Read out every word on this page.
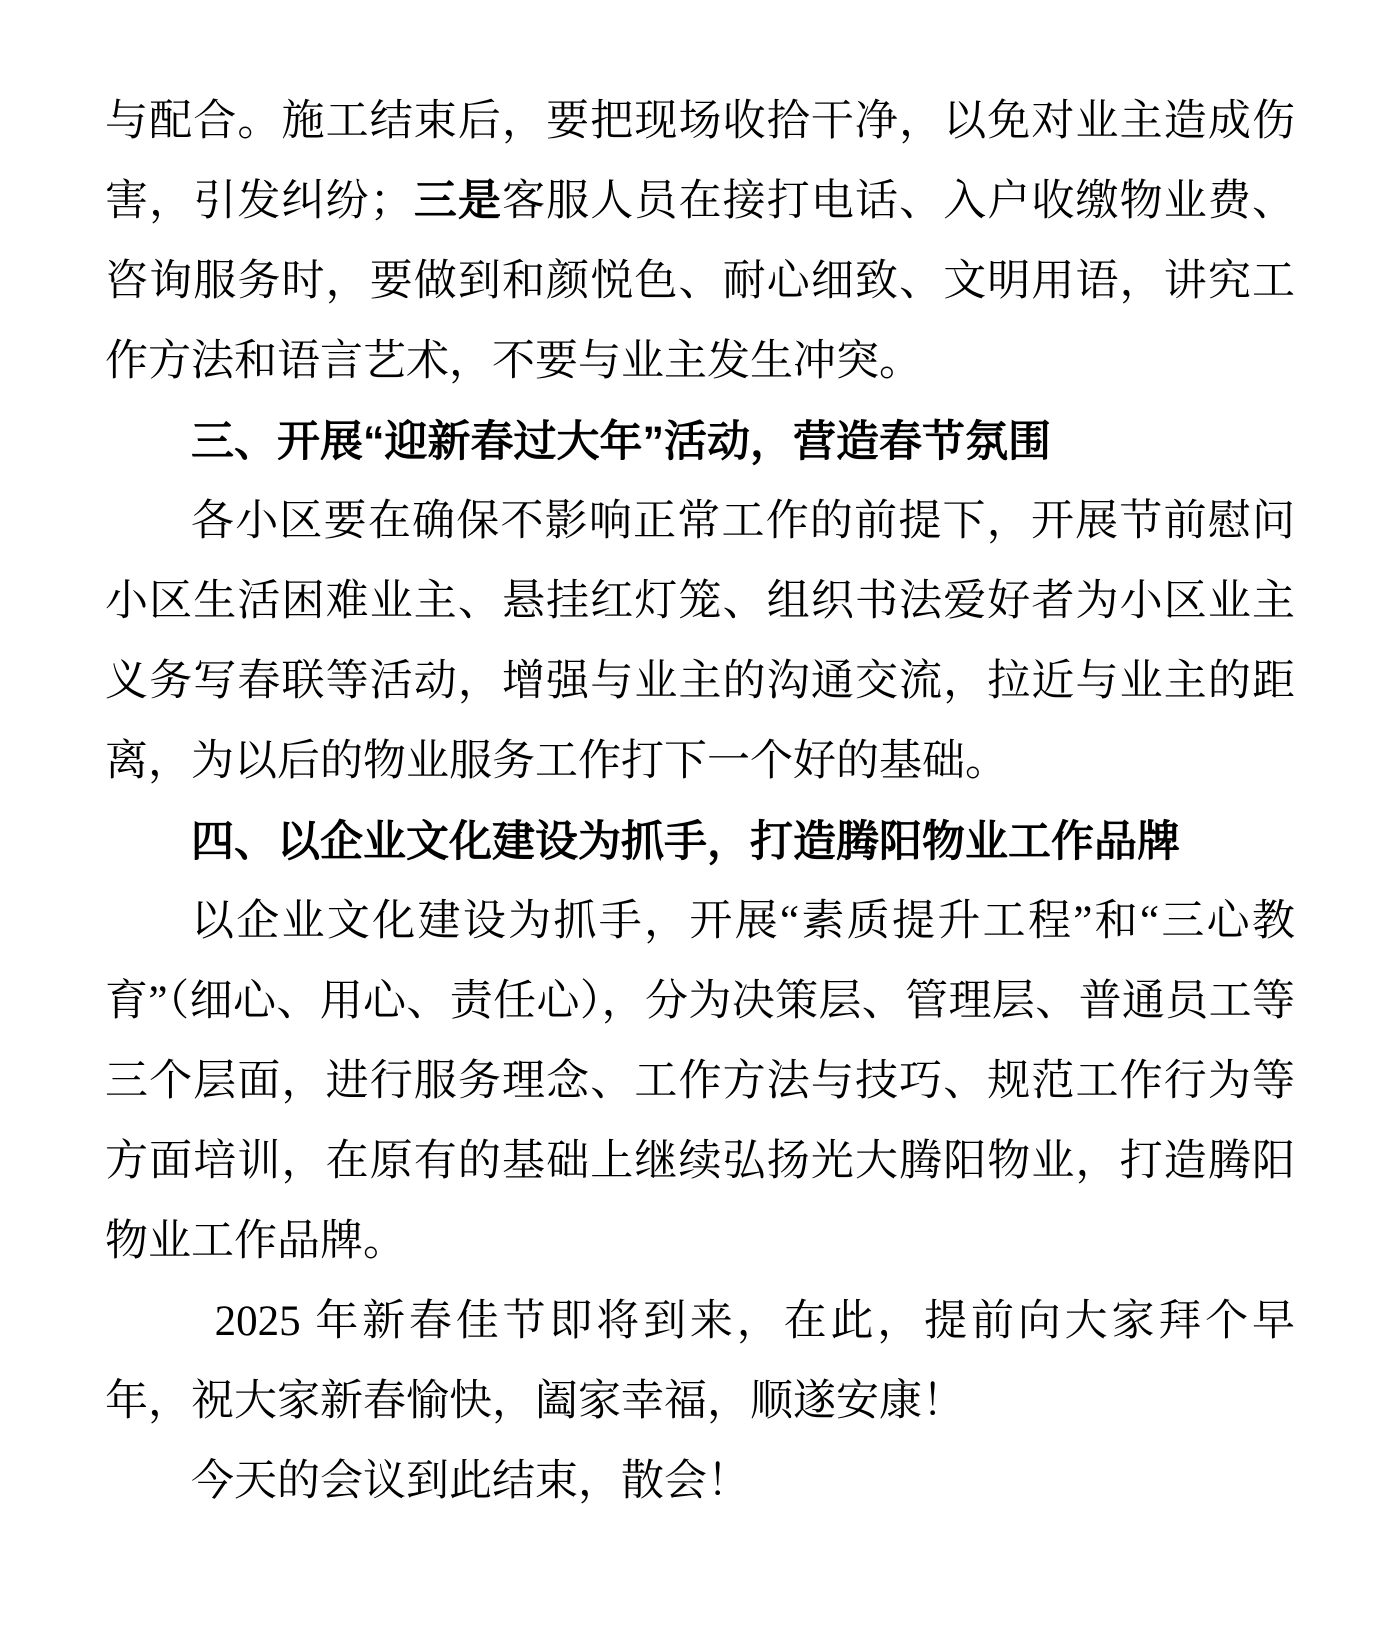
与配合。施工结束后，要把现场收拾干净，以免对业主造成伤害，引发纠纷；三是客服人员在接打电话、入户收缴物业费、咨询服务时，要做到和颜悦色、耐心细致、文明用语，讲究工作方法和语言艺术，不要与业主发生冲突。

三、开展“迎新春过大年”活动，营造春节氛围

各小区要在确保不影响正常工作的前提下，开展节前慰问小区生活困难业主、悬挂红灯笼、组织书法爱好者为小区业主义务写春联等活动，增强与业主的沟通交流，拉近与业主的距离，为以后的物业服务工作打下一个好的基础。

四、以企业文化建设为抓手，打造腾阳物业工作品牌

以企业文化建设为抓手，开展“素质提升工程”和“三心教育”（细心、用心、责任心），分为决策层、管理层、普通员工等三个层面，进行服务理念、工作方法与技巧、规范工作行为等方面培训，在原有的基础上继续弘扬光大腾阳物业，打造腾阳物业工作品牌。

2025 年新春佳节即将到来，在此，提前向大家拜个早年，祝大家新春愉快，阖家幸福，顺遂安康！

今天的会议到此结束，散会！
